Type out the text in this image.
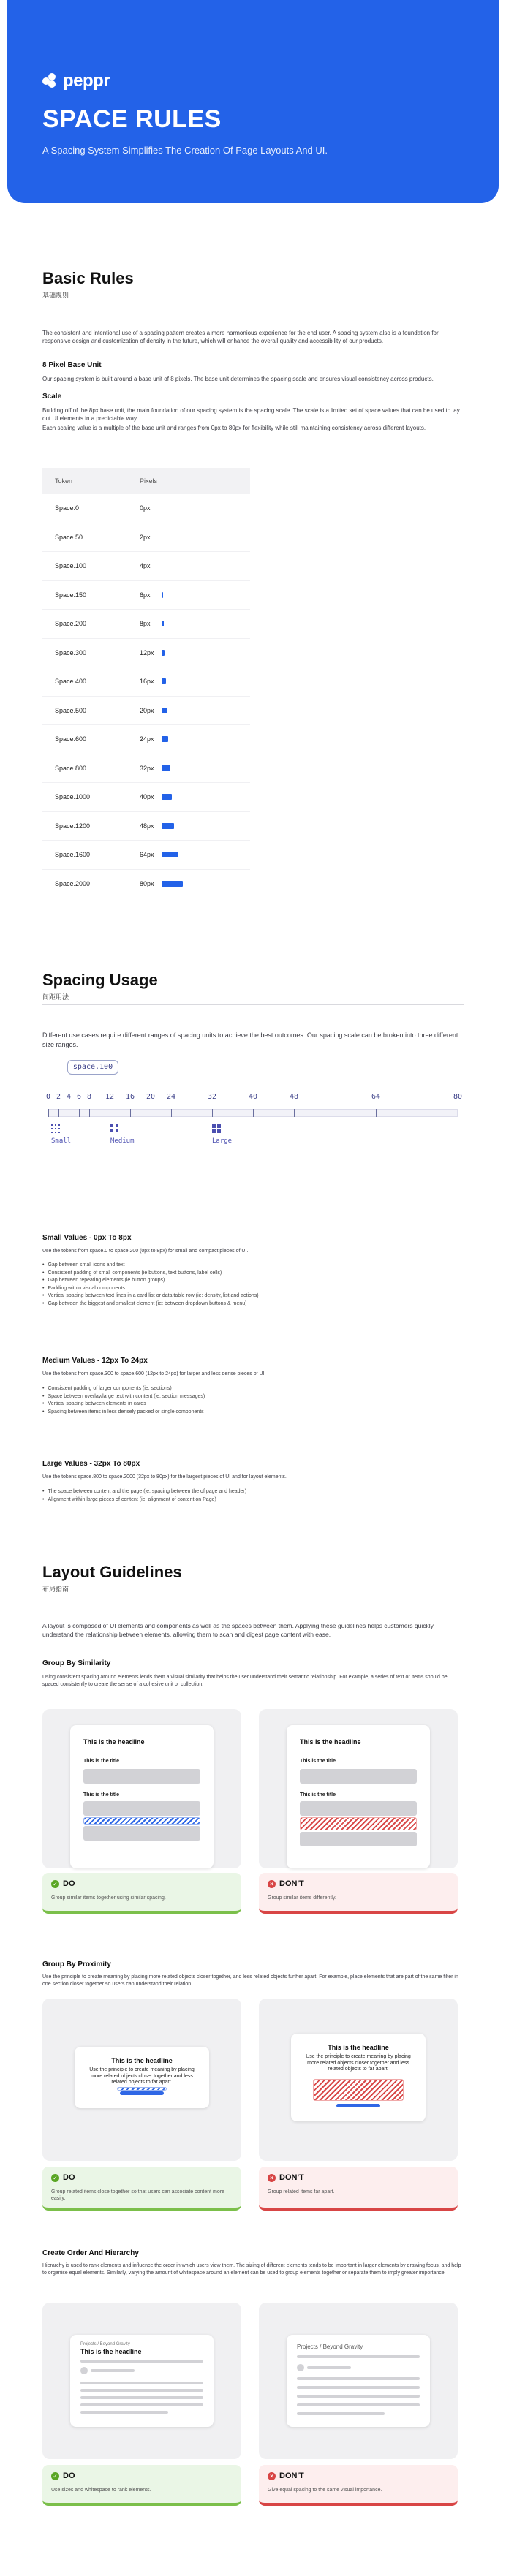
peppr
SPACE RULES
A Spacing System Simplifies The Creation Of Page Layouts And UI.
Basic Rules
基础规则
The consistent and intentional use of a spacing pattern creates a more harmonious experience for the end user. A spacing system also is a foundation for responsive design and customization of density in the future, which will enhance the overall quality and accessibility of our products.
8 Pixel Base Unit
Our spacing system is built around a base unit of 8 pixels. The base unit determines the spacing scale and ensures visual consistency across products.
Scale
Building off of the 8px base unit, the main foundation of our spacing system is the spacing scale. The scale is a limited set of space values that can be used to lay out UI elements in a predictable way.
Each scaling value is a multiple of the base unit and ranges from 0px to 80px for flexibility while still maintaining consistency across different layouts.
Token	Pixels
Space.0	0px
Space.50	2px
Space.100	4px
Space.150	6px
Space.200	8px
Space.300	12px
Space.400	16px
Space.500	20px
Space.600	24px
Space.800	32px
Space.1000	40px
Space.1200	48px
Space.1600	64px
Space.2000	80px
Spacing Usage
间距用法
Different use cases require different ranges of spacing units to achieve the best outcomes. Our spacing scale can be broken into three different size ranges.
space.100
0 2 4 6 8 12 16 20 24	32	40	48	64	80
Small	Medium	Large
Small Values - 0px To 8px
Use the tokens from space.0 to space.200 (0px to 8px) for small and compact pieces of UI.
• Gap between small icons and text
• Consistent padding of small components (ie buttons, text buttons, label cells)
• Gap between repeating elements (ie button groups)
• Padding within visual components
• Vertical spacing between text lines in a card list or data table row (ie: density, list and actions)
• Gap between the biggest and smallest element (ie: between dropdown buttons & menu)
Medium Values - 12px To 24px
Use the tokens from space.300 to space.600 (12px to 24px) for larger and less dense pieces of UI.
• Consistent padding of larger components (ie: sections)
• Space between overlay/large text with content (ie: section messages)
• Vertical spacing between elements in cards
• Spacing between items in less densely packed or single components
Large Values - 32px To 80px
Use the tokens space.800 to space.2000 (32px to 80px) for the largest pieces of UI and for layout elements.
• The space between content and the page (ie: spacing between the of page and header)
• Alignment within large pieces of content (ie: alignment of content on Page)
Layout Guidelines
布局指南
A layout is composed of UI elements and components as well as the spaces between them. Applying these guidelines helps customers quickly understand the relationship between elements, allowing them to scan and digest page content with ease.
Group By Similarity
Using consistent spacing around elements lends them a visual similarity that helps the user understand their semantic relationship. For example, a series of text or items should be spaced consistently to create the sense of a cohesive unit or collection.
This is the headline
This is the title
This is the title
This is the headline
This is the title
This is the title
✓ DO
Group similar items together using similar spacing.
× DON'T
Group similar items differently.
Group By Proximity
Use the principle to create meaning by placing more related objects closer together, and less related objects further apart. For example, place elements that are part of the same filter in one section closer together so users can understand their relation.
This is the headline
Use the principle to create meaning by placing more related objects closer together and less related objects to far apart.
This is the headline
Use the principle to create meaning by placing more related objects closer together and less related objects to far apart.
✓ DO
Group related items close together so that users can associate content more easily.
× DON'T
Group related items far apart.
Create Order And Hierarchy
Hierarchy is used to rank elements and influence the order in which users view them. The sizing of different elements tends to be important in larger elements by drawing focus, and help to organise equal elements. Similarly, varying the amount of whitespace around an element can be used to group elements together or separate them to imply greater importance.
Projects / Beyond Gravity
This is the headline
Projects / Beyond Gravity
✓ DO
Use sizes and whitespace to rank elements.
× DON'T
Give equal spacing to the same visual importance.
